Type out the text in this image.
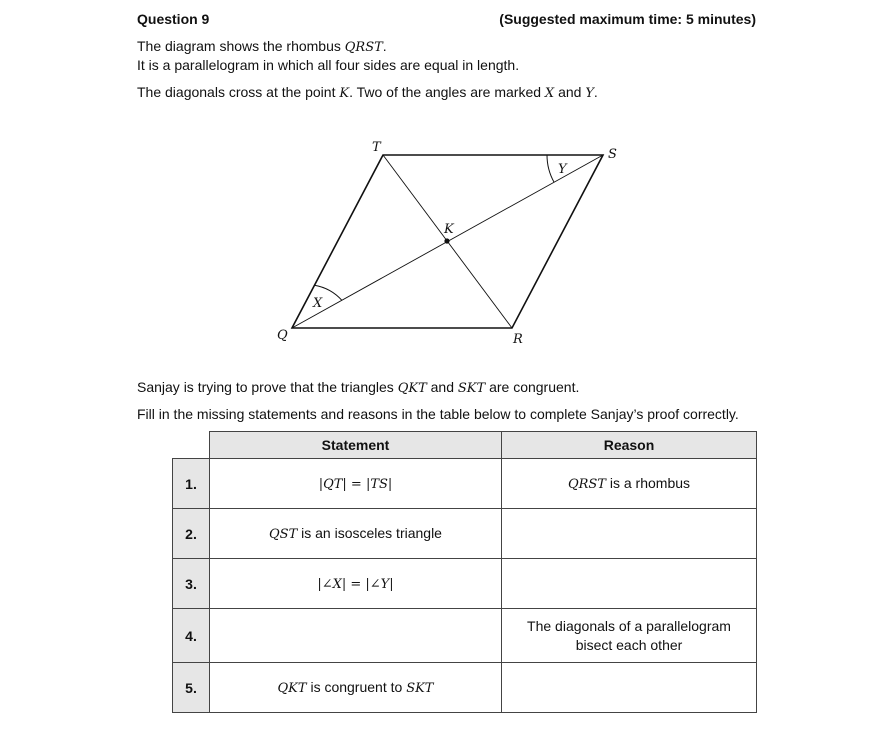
Question 9	(Suggested maximum time: 5 minutes)
The diagram shows the rhombus QRST.
It is a parallelogram in which all four sides are equal in length.
The diagonals cross at the point K. Two of the angles are marked X and Y.
T	S
Q	R
K
X
Y
Sanjay is trying to prove that the triangles QKT and SKT are congruent.
Fill in the missing statements and reasons in the table below to complete Sanjay’s proof correctly.
	Statement	Reason
1.	|QT| = |TS|	QRST is a rhombus
2.	QST is an isosceles triangle	
3.	|∠X| = |∠Y|	
4.		The diagonals of a parallelogram
bisect each other
5.	QKT is congruent to SKT	
